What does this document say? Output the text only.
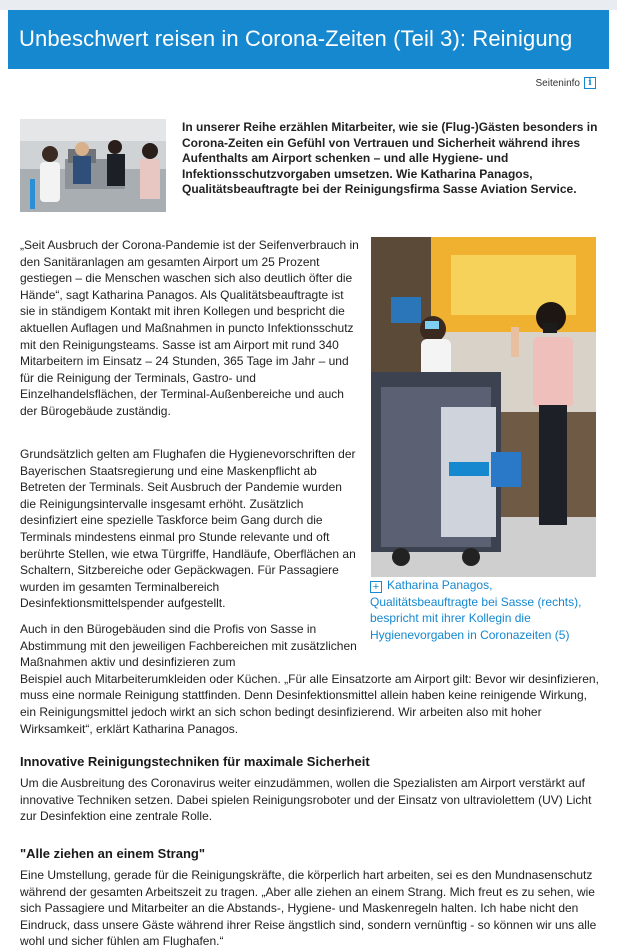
Unbeschwert reisen in Corona-Zeiten (Teil 3): Reinigung
Seiteninfo i
In unserer Reihe erzählen Mitarbeiter, wie sie (Flug-)Gästen besonders in Corona-Zeiten ein Gefühl von Vertrauen und Sicherheit während ihres Aufenthalts am Airport schenken – und alle Hygiene- und Infektionsschutzvorgaben umsetzen. Wie Katharina Panagos, Qualitätsbeauftragte bei der Reinigungsfirma Sasse Aviation Service.
+ Katharina Panagos, Qualitätsbeauftragte bei Sasse (rechts), bespricht mit ihrer Kollegin die Hygienevorgaben in Coronazeiten (5)
„Seit Ausbruch der Corona-Pandemie ist der Seifenverbrauch in den Sanitäranlagen am gesamten Airport um 25 Prozent gestiegen – die Menschen waschen sich also deutlich öfter die Hände“, sagt Katharina Panagos. Als Qualitätsbeauftragte ist sie in ständigem Kontakt mit ihren Kollegen und bespricht die aktuellen Auflagen und Maßnahmen in puncto Infektionsschutz mit den Reinigungsteams. Sasse ist am Airport mit rund 340 Mitarbeitern im Einsatz – 24 Stunden, 365 Tage im Jahr – und für die Reinigung der Terminals, Gastro- und Einzelhandelsflächen, der Terminal-Außenbereiche und auch der Bürogebäude zuständig.
Grundsätzlich gelten am Flughafen die Hygienevorschriften der Bayerischen Staatsregierung und eine Maskenpflicht ab Betreten der Terminals. Seit Ausbruch der Pandemie wurden die Reinigungsintervalle insgesamt erhöht. Zusätzlich desinfiziert eine spezielle Taskforce beim Gang durch die Terminals mindestens einmal pro Stunde relevante und oft berührte Stellen, wie etwa Türgriffe, Handläufe, Oberflächen an Schaltern, Sitzbereiche oder Gepäckwagen. Für Passagiere wurden im gesamten Terminalbereich Desinfektionsmittelspender aufgestellt.
Auch in den Bürogebäuden sind die Profis von Sasse in Abstimmung mit den jeweiligen Fachbereichen mit zusätzlichen Maßnahmen aktiv und desinfizieren zum
Beispiel auch Mitarbeiterumkleiden oder Küchen. „Für alle Einsatzorte am Airport gilt: Bevor wir desinfizieren, muss eine normale Reinigung stattfinden. Denn Desinfektionsmittel allein haben keine reinigende Wirkung, ein Reinigungsmittel jedoch wirkt an sich schon bedingt desinfizierend. Wir arbeiten also mit hoher Wirksamkeit“, erklärt Katharina Panagos.
Innovative Reinigungstechniken für maximale Sicherheit
Um die Ausbreitung des Coronavirus weiter einzudämmen, wollen die Spezialisten am Airport verstärkt auf innovative Techniken setzen. Dabei spielen Reinigungsroboter und der Einsatz von ultraviolettem (UV) Licht zur Desinfektion eine zentrale Rolle.
"Alle ziehen an einem Strang"
Eine Umstellung, gerade für die Reinigungskräfte, die körperlich hart arbeiten, sei es den Mundnasenschutz während der gesamten Arbeitszeit zu tragen. „Aber alle ziehen an einem Strang. Mich freut es zu sehen, wie sich Passagiere und Mitarbeiter an die Abstands-, Hygiene- und Maskenregeln halten. Ich habe nicht den Eindruck, dass unsere Gäste während ihrer Reise ängstlich sind, sondern vernünftig - so können wir uns alle wohl und sicher fühlen am Flughafen.“
